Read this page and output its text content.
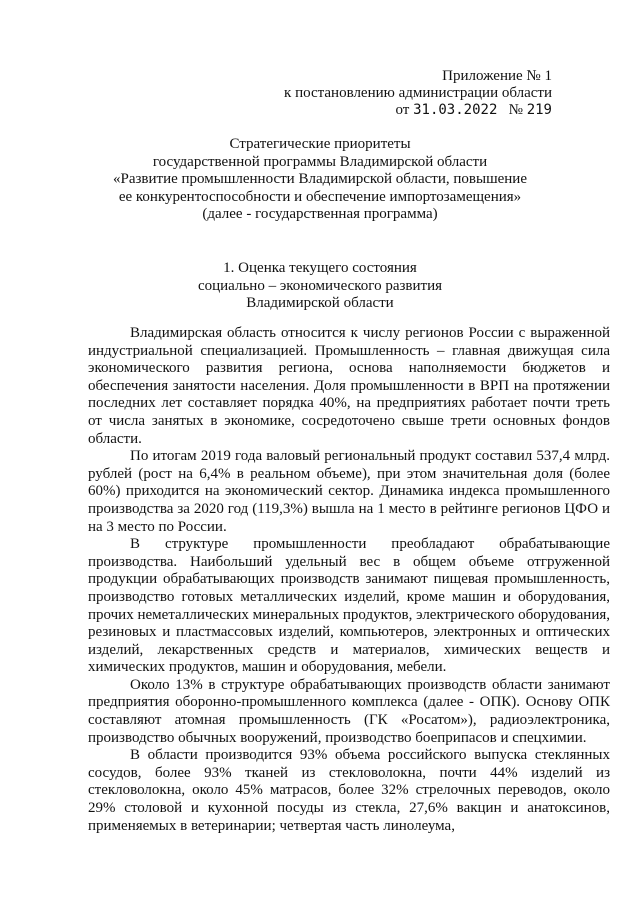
Приложение № 1
к постановлению администрации области
от 31.03.2022 № 219
Стратегические приоритеты
государственной программы Владимирской области
«Развитие промышленности Владимирской области, повышение
ее конкурентоспособности и обеспечение импортозамещения»
(далее - государственная программа)
1. Оценка текущего состояния
социально – экономического развития
Владимирской области

Владимирская область относится к числу регионов России с выраженной индустриальной специализацией. Промышленность – главная движущая сила экономического развития региона, основа наполняемости бюджетов и обеспечения занятости населения. Доля промышленности в ВРП на протяжении последних лет составляет порядка 40%, на предприятиях работает почти треть от числа занятых в экономике, сосредоточено свыше трети основных фондов области.

По итогам 2019 года валовый региональный продукт составил 537,4 млрд. рублей (рост на 6,4% в реальном объеме), при этом значительная доля (более 60%) приходится на экономический сектор. Динамика индекса промышленного производства за 2020 год (119,3%) вышла на 1 место в рейтинге регионов ЦФО и на 3 место по России.

В структуре промышленности преобладают обрабатывающие производства. Наибольший удельный вес в общем объеме отгруженной продукции обрабатывающих производств занимают пищевая промышленность, производство готовых металлических изделий, кроме машин и оборудования, прочих неметаллических минеральных продуктов, электрического оборудования, резиновых и пластмассовых изделий, компьютеров, электронных и оптических изделий, лекарственных средств и материалов, химических веществ и химических продуктов, машин и оборудования, мебели.

Около 13% в структуре обрабатывающих производств области занимают предприятия оборонно-промышленного комплекса (далее - ОПК). Основу ОПК составляют атомная промышленность (ГК «Росатом»), радиоэлектроника, производство обычных вооружений, производство боеприпасов и спецхимии.

В области производится 93% объема российского выпуска стеклянных сосудов, более 93% тканей из стекловолокна, почти 44% изделий из стекловолокна, около 45% матрасов, более 32% стрелочных переводов, около 29% столовой и кухонной посуды из стекла, 27,6% вакцин и анатоксинов, применяемых в ветеринарии; четвертая часть линолеума,
